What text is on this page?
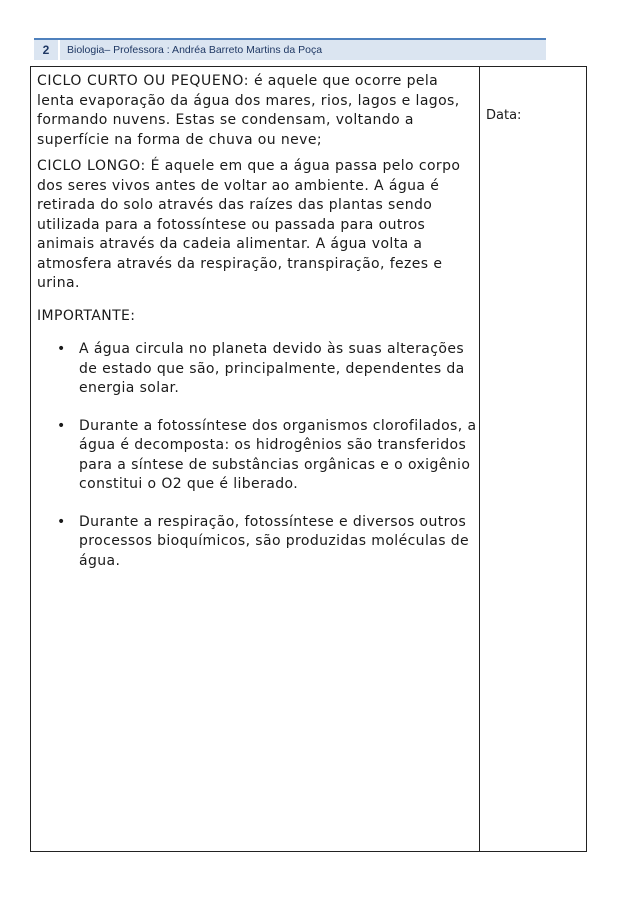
2	Biologia– Professora : Andréa Barreto Martins da Poça
Data:

CICLO CURTO OU PEQUENO: é aquele que ocorre pela lenta evaporação da água dos mares, rios, lagos e lagos, formando nuvens. Estas se condensam, voltando a superfície na forma de chuva ou neve;

CICLO LONGO: É aquele em que a água passa pelo corpo dos seres vivos antes de voltar ao ambiente. A água é retirada do solo através das raízes das plantas sendo utilizada para a fotossíntese ou passada para outros animais através da cadeia alimentar. A água volta a atmosfera através da respiração, transpiração, fezes e urina.

IMPORTANTE:

• A água circula no planeta devido às suas alterações de estado que são, principalmente, dependentes da energia solar.
• Durante a fotossíntese dos organismos clorofilados, a água é decomposta: os hidrogênios são transferidos para a síntese de substâncias orgânicas e o oxigênio constitui o O2 que é liberado.
• Durante a respiração, fotossíntese e diversos outros processos bioquímicos, são produzidas moléculas de água.
